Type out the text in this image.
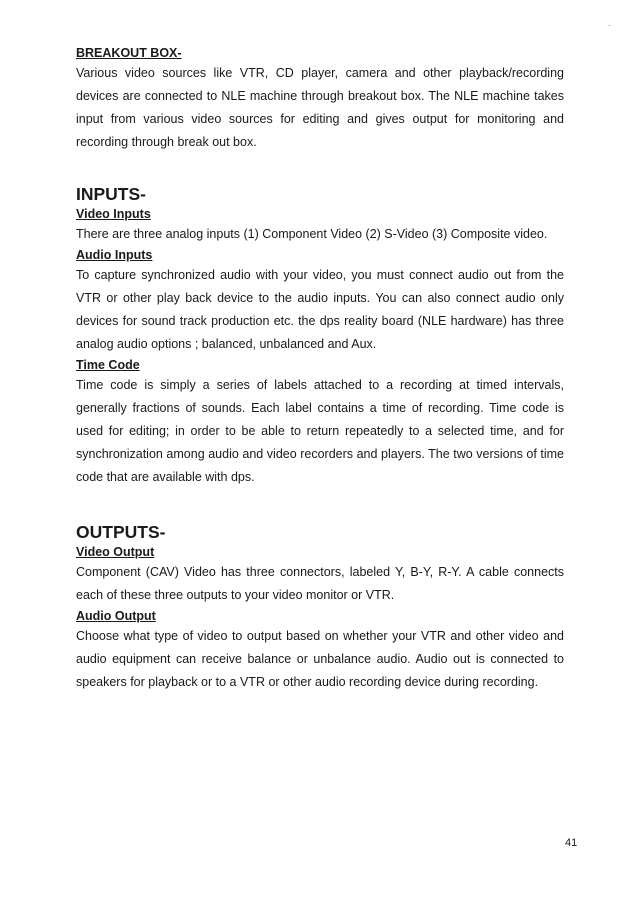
.

BREAKOUT BOX-

Various video sources like VTR, CD player, camera and other playback/recording devices are connected to NLE machine through breakout box. The NLE machine takes input from various video sources for editing and gives output for monitoring and recording through break out box.

INPUTS-

Video Inputs

There are three analog inputs (1) Component Video (2) S-Video (3) Composite video.

Audio Inputs

To capture synchronized audio with your video, you must connect audio out from the VTR or other play back device to the audio inputs. You can also connect audio only devices for sound track production etc. the dps reality board (NLE hardware) has three analog audio options ; balanced, unbalanced and Aux.

Time Code

Time code is simply a series of labels attached to a recording at timed intervals, generally fractions of sounds. Each label contains a time of recording. Time code is used for editing; in order to be able to return repeatedly to a selected time, and for synchronization among audio and video recorders and players. The two versions of time code that are available with dps.

OUTPUTS-

Video Output

Component (CAV) Video has three connectors, labeled Y, B-Y, R-Y. A cable connects each of these three outputs to your video monitor or VTR.

Audio Output

Choose what type of video to output based on whether your VTR and other video and audio equipment can receive balance or unbalance audio. Audio out is connected to speakers for playback or to a VTR or other audio recording device during recording.

41
